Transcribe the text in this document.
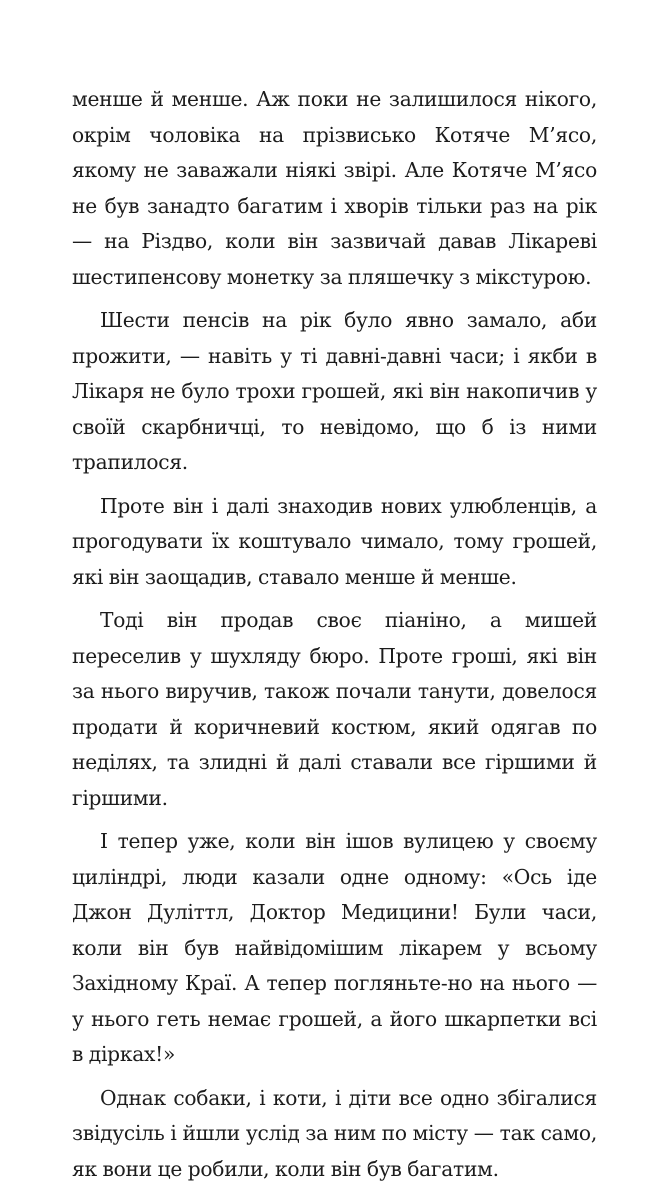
менше й менше. Аж поки не залишилося нікого, окрім чоловіка на прізвисько Котяче М’ясо, якому не заважали ніякі звірі. Але Котяче М’ясо не був занадто багатим і хворів тільки раз на рік — на Різдво, коли він зазвичай давав Лікареві шестипенсову монетку за пляшечку з мікстурою.

Шести пенсів на рік було явно замало, аби прожити, — навіть у ті давні-давні часи; і якби в Лікаря не було трохи грошей, які він накопичив у своїй скарбничці, то невідомо, що б із ними трапилося.

Проте він і далі знаходив нових улюбленців, а прогодувати їх коштувало чимало, тому грошей, які він заощадив, ставало менше й менше.

Тоді він продав своє піаніно, а мишей переселив у шухляду бюро. Проте гроші, які він за нього виручив, також почали танути, довелося продати й коричневий костюм, який одягав по неділях, та злидні й далі ставали все гіршими й гіршими.

І тепер уже, коли він ішов вулицею у своєму циліндрі, люди казали одне одному: «Ось іде Джон Дуліттл, Доктор Медицини! Були часи, коли він був найвідомішим лікарем у всьому Західному Краї. А тепер погляньте-но на нього — у нього геть немає грошей, а його шкарпетки всі в дірках!»

Однак собаки, і коти, і діти все одно збігалися звідусіль і йшли услід за ним по місту — так само, як вони це робили, коли він був багатим.
